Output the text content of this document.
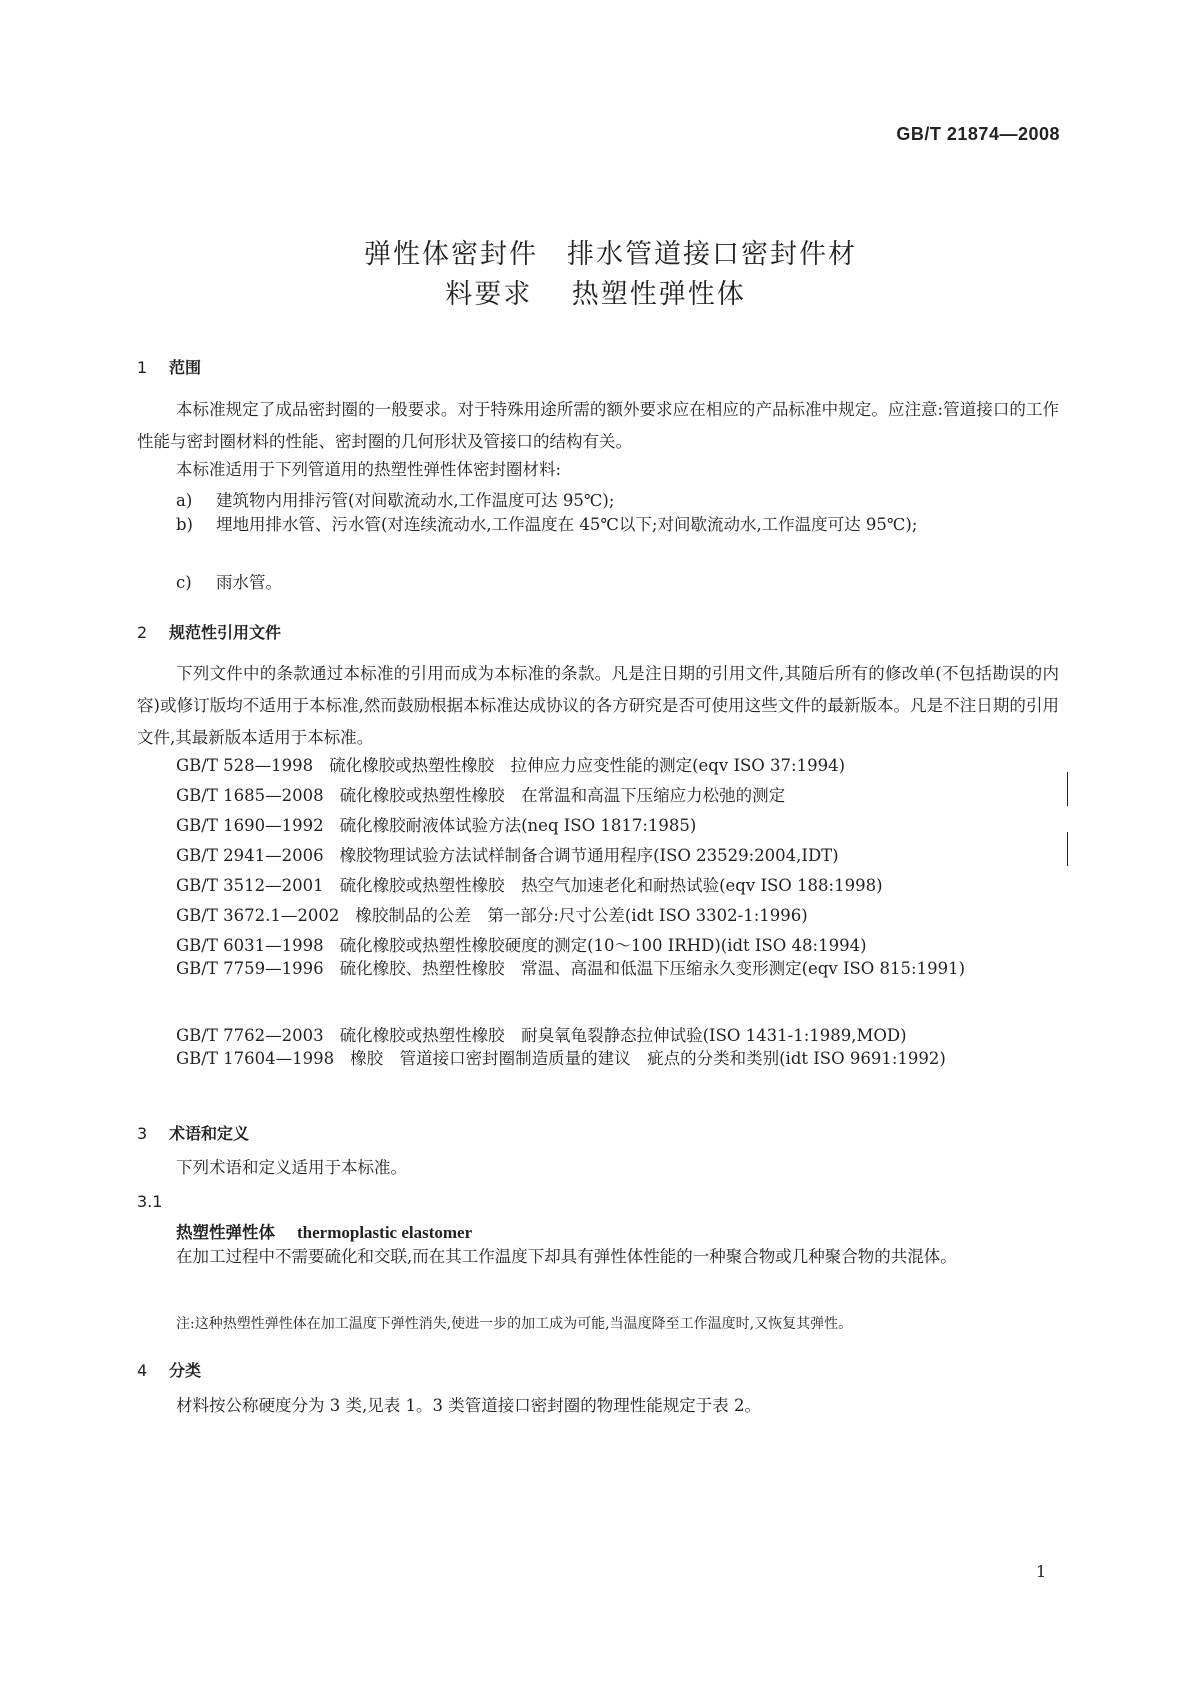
GB/T 21874—2008
弹性体密封件　排水管道接口密封件材
料要求　 热塑性弹性体
1 范围
本标准规定了成品密封圈的一般要求。对于特殊用途所需的额外要求应在相应的产品标准中规定。应注意:管道接口的工作性能与密封圈材料的性能、密封圈的几何形状及管接口的结构有关。
本标准适用于下列管道用的热塑性弹性体密封圈材料:
a) 建筑物内用排污管(对间歇流动水,工作温度可达 95℃);
b) 埋地用排水管、污水管(对连续流动水,工作温度在 45℃以下;对间歇流动水,工作温度可达 95℃);
c) 雨水管。
2 规范性引用文件
下列文件中的条款通过本标准的引用而成为本标准的条款。凡是注日期的引用文件,其随后所有的修改单(不包括勘误的内容)或修订版均不适用于本标准,然而鼓励根据本标准达成协议的各方研究是否可使用这些文件的最新版本。凡是不注日期的引用文件,其最新版本适用于本标准。
GB/T 528—1998 硫化橡胶或热塑性橡胶　拉伸应力应变性能的测定(eqv ISO 37:1994)
GB/T 1685—2008 硫化橡胶或热塑性橡胶　在常温和高温下压缩应力松弛的测定
GB/T 1690—1992 硫化橡胶耐液体试验方法(neq ISO 1817:1985)
GB/T 2941—2006 橡胶物理试验方法试样制备合调节通用程序(ISO 23529:2004,IDT)
GB/T 3512—2001 硫化橡胶或热塑性橡胶　热空气加速老化和耐热试验(eqv ISO 188:1998)
GB/T 3672.1—2002 橡胶制品的公差　第一部分:尺寸公差(idt ISO 3302-1:1996)
GB/T 6031—1998 硫化橡胶或热塑性橡胶硬度的测定(10～100 IRHD)(idt ISO 48:1994)
GB/T 7759—1996 硫化橡胶、热塑性橡胶　常温、高温和低温下压缩永久变形测定(eqv ISO 815:1991)
GB/T 7762—2003 硫化橡胶或热塑性橡胶　耐臭氧龟裂静态拉伸试验(ISO 1431-1:1989,MOD)
GB/T 17604—1998 橡胶　管道接口密封圈制造质量的建议　疵点的分类和类别(idt ISO 9691:1992)
3 术语和定义
下列术语和定义适用于本标准。
3.1
热塑性弹性体 thermoplastic elastomer
在加工过程中不需要硫化和交联,而在其工作温度下却具有弹性体性能的一种聚合物或几种聚合物的共混体。
注:这种热塑性弹性体在加工温度下弹性消失,使进一步的加工成为可能,当温度降至工作温度时,又恢复其弹性。
4 分类
材料按公称硬度分为 3 类,见表 1。3 类管道接口密封圈的物理性能规定于表 2。
1
